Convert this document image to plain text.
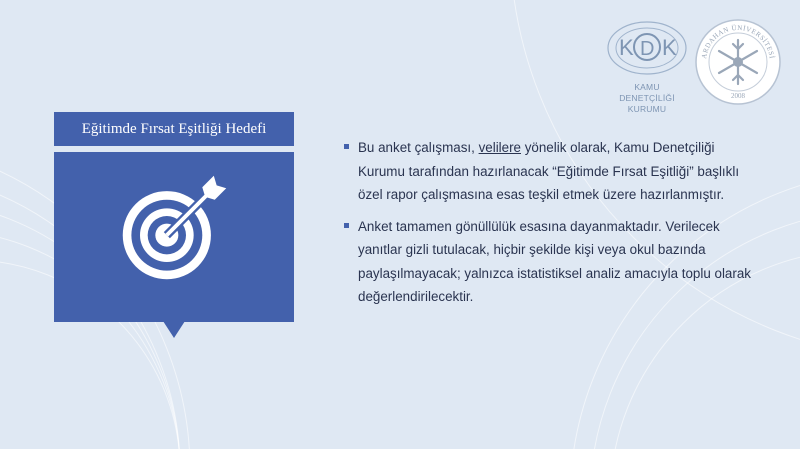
Eğitimde Fırsat Eşitliği Hedefi
Bu anket çalışması, velilere yönelik olarak, Kamu Denetçiliği Kurumu tarafından hazırlanacak “Eğitimde Fırsat Eşitliği” başlıklı özel rapor çalışmasına esas teşkil etmek üzere hazırlanmıştır.
Anket tamamen gönüllülük esasına dayanmaktadır. Verilecek yanıtlar gizli tutulacak, hiçbir şekilde kişi veya okul bazında paylaşılmayacak; yalnızca istatistiksel analiz amacıyla toplu olarak değerlendirilecektir.
K D K
KAMU DENETÇİLİĞİ
KURUMU
ARDAHAN ÜNİVERSİTESİ
2008
